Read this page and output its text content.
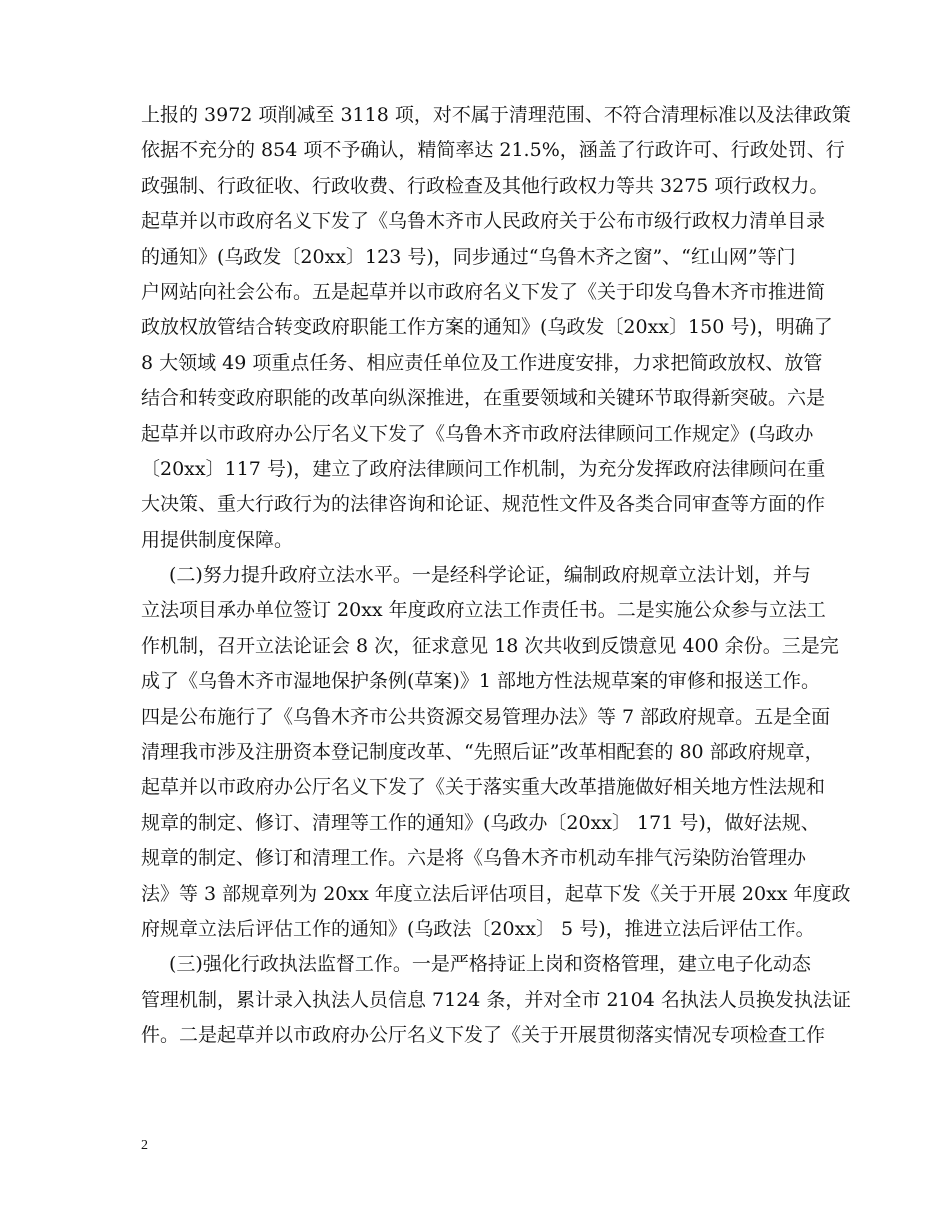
上报的 3972 项削减至 3118 项，对不属于清理范围、不符合清理标准以及法律政策
依据不充分的 854 项不予确认，精简率达 21.5%，涵盖了行政许可、行政处罚、行
政强制、行政征收、行政收费、行政检查及其他行政权力等共 3275 项行政权力。
起草并以市政府名义下发了《乌鲁木齐市人民政府关于公布市级行政权力清单目录
的通知》(乌政发〔20xx〕123 号)，同步通过“乌鲁木齐之窗”、“红山网”等门
户网站向社会公布。五是起草并以市政府名义下发了《关于印发乌鲁木齐市推进简
政放权放管结合转变政府职能工作方案的通知》(乌政发〔20xx〕150 号)，明确了
8 大领域 49 项重点任务、相应责任单位及工作进度安排，力求把简政放权、放管
结合和转变政府职能的改革向纵深推进，在重要领域和关键环节取得新突破。六是
起草并以市政府办公厅名义下发了《乌鲁木齐市政府法律顾问工作规定》(乌政办
〔20xx〕117 号)，建立了政府法律顾问工作机制，为充分发挥政府法律顾问在重
大决策、重大行政行为的法律咨询和论证、规范性文件及各类合同审查等方面的作
用提供制度保障。
(二)努力提升政府立法水平。一是经科学论证，编制政府规章立法计划，并与
立法项目承办单位签订 20xx 年度政府立法工作责任书。二是实施公众参与立法工
作机制，召开立法论证会 8 次，征求意见 18 次共收到反馈意见 400 余份。三是完
成了《乌鲁木齐市湿地保护条例(草案)》1 部地方性法规草案的审修和报送工作。
四是公布施行了《乌鲁木齐市公共资源交易管理办法》等 7 部政府规章。五是全面
清理我市涉及注册资本登记制度改革、“先照后证”改革相配套的 80 部政府规章，
起草并以市政府办公厅名义下发了《关于落实重大改革措施做好相关地方性法规和
规章的制定、修订、清理等工作的通知》(乌政办〔20xx〕 171 号)，做好法规、
规章的制定、修订和清理工作。六是将《乌鲁木齐市机动车排气污染防治管理办
法》等 3 部规章列为 20xx 年度立法后评估项目，起草下发《关于开展 20xx 年度政
府规章立法后评估工作的通知》(乌政法〔20xx〕 5 号)，推进立法后评估工作。
(三)强化行政执法监督工作。一是严格持证上岗和资格管理，建立电子化动态
管理机制，累计录入执法人员信息 7124 条，并对全市 2104 名执法人员换发执法证
件。二是起草并以市政府办公厅名义下发了《关于开展贯彻落实情况专项检查工作
2
